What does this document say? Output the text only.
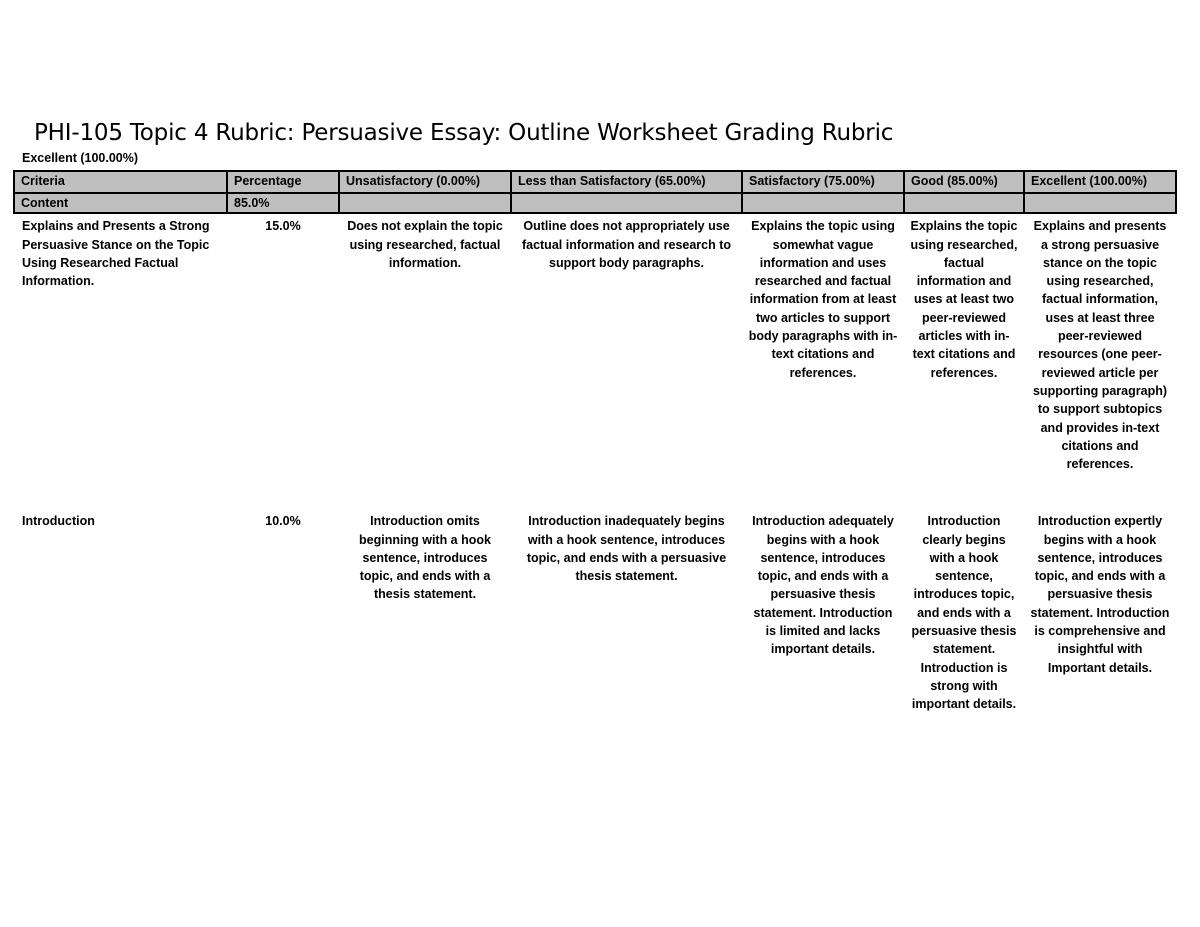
PHI-105 Topic 4 Rubric: Persuasive Essay: Outline Worksheet Grading Rubric
Excellent (100.00%)
Criteria	Percentage	Unsatisfactory (0.00%)	Less than Satisfactory (65.00%)	Satisfactory (75.00%)	Good (85.00%)	Excellent (100.00%)
Content	85.0%					
Explains and Presents a Strong Persuasive Stance on the Topic Using Researched Factual Information.	15.0%	Does not explain the topic using researched, factual information.	Outline does not appropriately use factual information and research to support body paragraphs.	Explains the topic using somewhat vague information and uses researched and factual information from at least two articles to support body paragraphs with in-text citations and references.	Explains the topic using researched, factual information and uses at least two peer-reviewed articles with in-text citations and references.	Explains and presents a strong persuasive stance on the topic using researched, factual information, uses at least three peer-reviewed resources (one peer-reviewed article per supporting paragraph) to support subtopics and provides in-text citations and references.
Introduction	10.0%	Introduction omits beginning with a hook sentence, introduces topic, and ends with a thesis statement.	Introduction inadequately begins with a hook sentence, introduces topic, and ends with a persuasive thesis statement.	Introduction adequately begins with a hook sentence, introduces topic, and ends with a persuasive thesis statement. Introduction is limited and lacks important details.	Introduction clearly begins with a hook sentence, introduces topic, and ends with a persuasive thesis statement. Introduction is strong with important details.	Introduction expertly begins with a hook sentence, introduces topic, and ends with a persuasive thesis statement. Introduction is comprehensive and insightful with Important details.
